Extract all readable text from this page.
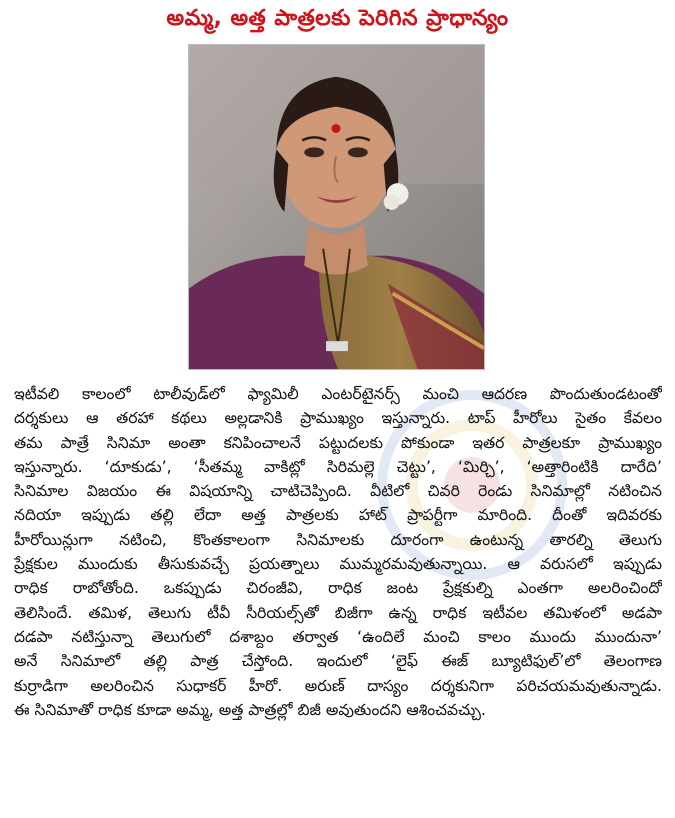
అమ్మ, అత్త పాత్రలకు పెరిగిన ప్రాధాన్యం
ఇటీవలి కాలంలో టాలీవుడ్‌లో ఫ్యామిలీ ఎంటర్‌టైనర్స్ మంచి ఆదరణ పొందుతుండటంతో
దర్శకులు ఆ తరహా కథలు అల్లడానికి ప్రాముఖ్యం ఇస్తున్నారు. టాప్ హీరోలు సైతం కేవలం
తమ పాత్రే సినిమా అంతా కనిపించాలనే పట్టుదలకు పోకుండా ఇతర పాత్రలకూ ప్రాముఖ్యం
ఇస్తున్నారు. ‘దూకుడు’, ‘సీతమ్మ వాకిట్లో సిరిమల్లె చెట్టు’, ‘మిర్చి’, ‘అత్తారింటికి దారేది’
సినిమాల విజయం ఈ విషయాన్ని చాటిచెప్పింది. వీటిలో చివరి రెండు సినిమాల్లో నటించిన
నదియా ఇప్పుడు తల్లి లేదా అత్త పాత్రలకు హాట్ ప్రాపర్టీగా మారింది. దీంతో ఇదివరకు
హీరోయిన్లుగా నటించి, కొంతకాలంగా సినిమాలకు దూరంగా ఉంటున్న తారల్ని తెలుగు
ప్రేక్షకుల ముందుకు తీసుకువచ్చే ప్రయత్నాలు ముమ్మరమవుతున్నాయి. ఆ వరుసలో ఇప్పుడు
రాధిక రాబోతోంది. ఒకప్పుడు చిరంజీవి, రాధిక జంట ప్రేక్షకుల్ని ఎంతగా అలరించిందో
తెలిసిందే. తమిళ, తెలుగు టీవీ సీరియల్స్‌తో బిజీగా ఉన్న రాధిక ఇటీవల తమిళంలో అడపా
దడపా నటిస్తున్నా తెలుగులో దశాబ్దం తర్వాత ‘ఉందిలే మంచి కాలం ముందు ముందునా’
అనే సినిమాలో తల్లి పాత్ర చేస్తోంది. ఇందులో ‘లైఫ్ ఈజ్ బ్యూటిఫుల్’లో తెలంగాణ
కుర్రాడిగా అలరించిన సుధాకర్ హీరో. అరుణ్ దాస్యం దర్శకునిగా పరిచయమవుతున్నాడు.
ఈ సినిమాతో రాధిక కూడా అమ్మ, అత్త పాత్రల్లో బిజీ అవుతుందని ఆశించవచ్చు.
